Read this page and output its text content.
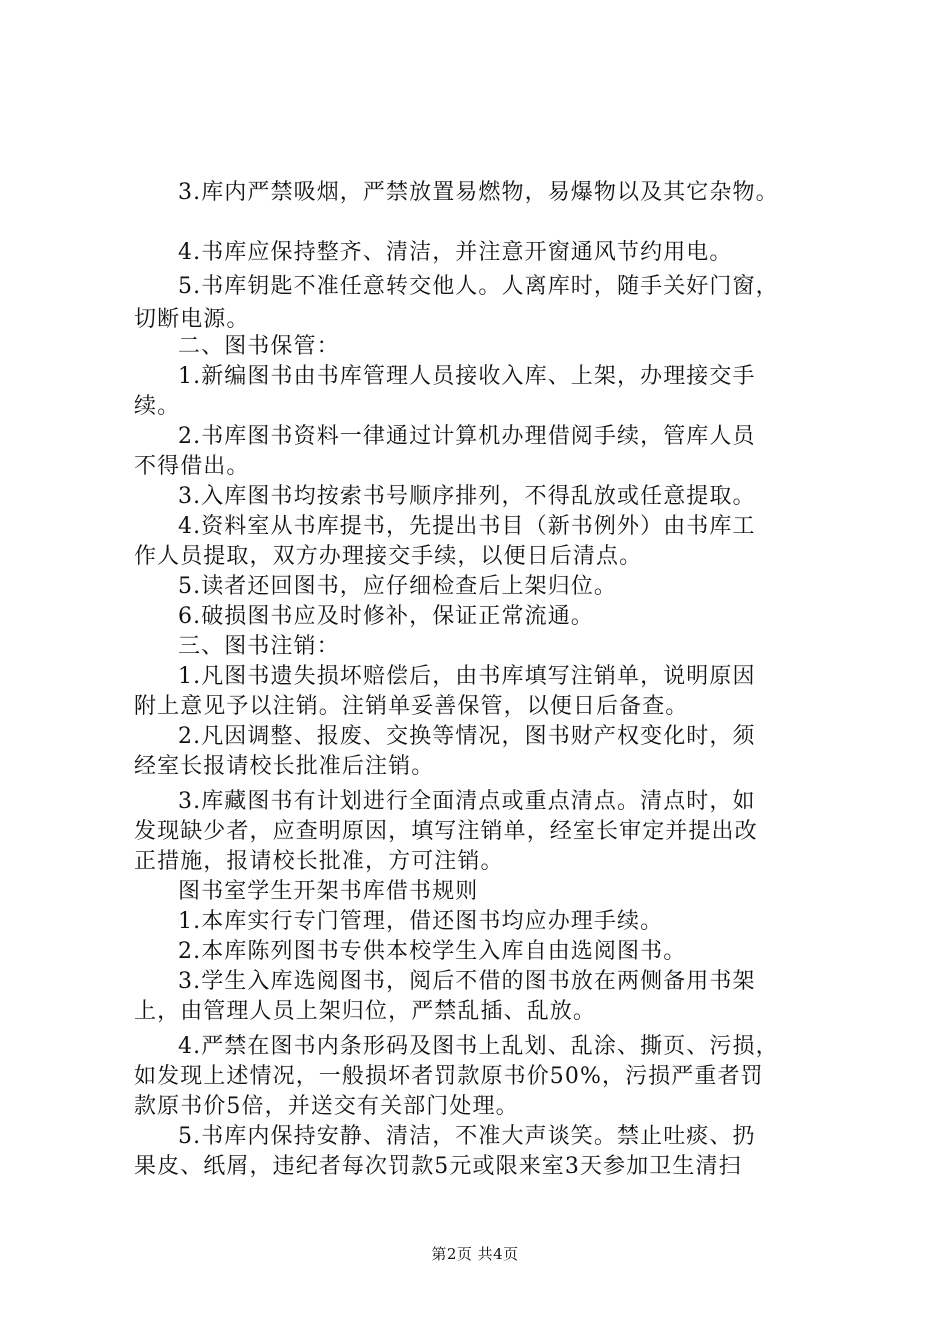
3.库内严禁吸烟，严禁放置易燃物，易爆物以及其它杂物。
4.书库应保持整齐、清洁，并注意开窗通风节约用电。
5.书库钥匙不准任意转交他人。人离库时，随手关好门窗，
切断电源。
二、图书保管：
1.新编图书由书库管理人员接收入库、上架，办理接交手
续。
2.书库图书资料一律通过计算机办理借阅手续，管库人员
不得借出。
3.入库图书均按索书号顺序排列，不得乱放或任意提取。
4.资料室从书库提书，先提出书目（新书例外）由书库工
作人员提取，双方办理接交手续，以便日后清点。
5.读者还回图书，应仔细检查后上架归位。
6.破损图书应及时修补，保证正常流通。
三、图书注销：
1.凡图书遗失损坏赔偿后，由书库填写注销单，说明原因
附上意见予以注销。注销单妥善保管，以便日后备查。
2.凡因调整、报废、交换等情况，图书财产权变化时，须
经室长报请校长批准后注销。
3.库藏图书有计划进行全面清点或重点清点。清点时，如
发现缺少者，应查明原因，填写注销单，经室长审定并提出改
正措施，报请校长批准，方可注销。
图书室学生开架书库借书规则
1.本库实行专门管理，借还图书均应办理手续。
2.本库陈列图书专供本校学生入库自由选阅图书。
3.学生入库选阅图书，阅后不借的图书放在两侧备用书架
上，由管理人员上架归位，严禁乱插、乱放。
4.严禁在图书内条形码及图书上乱划、乱涂、撕页、污损，
如发现上述情况，一般损坏者罚款原书价50%，污损严重者罚
款原书价5倍，并送交有关部门处理。
5.书库内保持安静、清洁，不准大声谈笑。禁止吐痰、扔
果皮、纸屑，违纪者每次罚款5元或限来室3天参加卫生清扫
第2页 共4页
